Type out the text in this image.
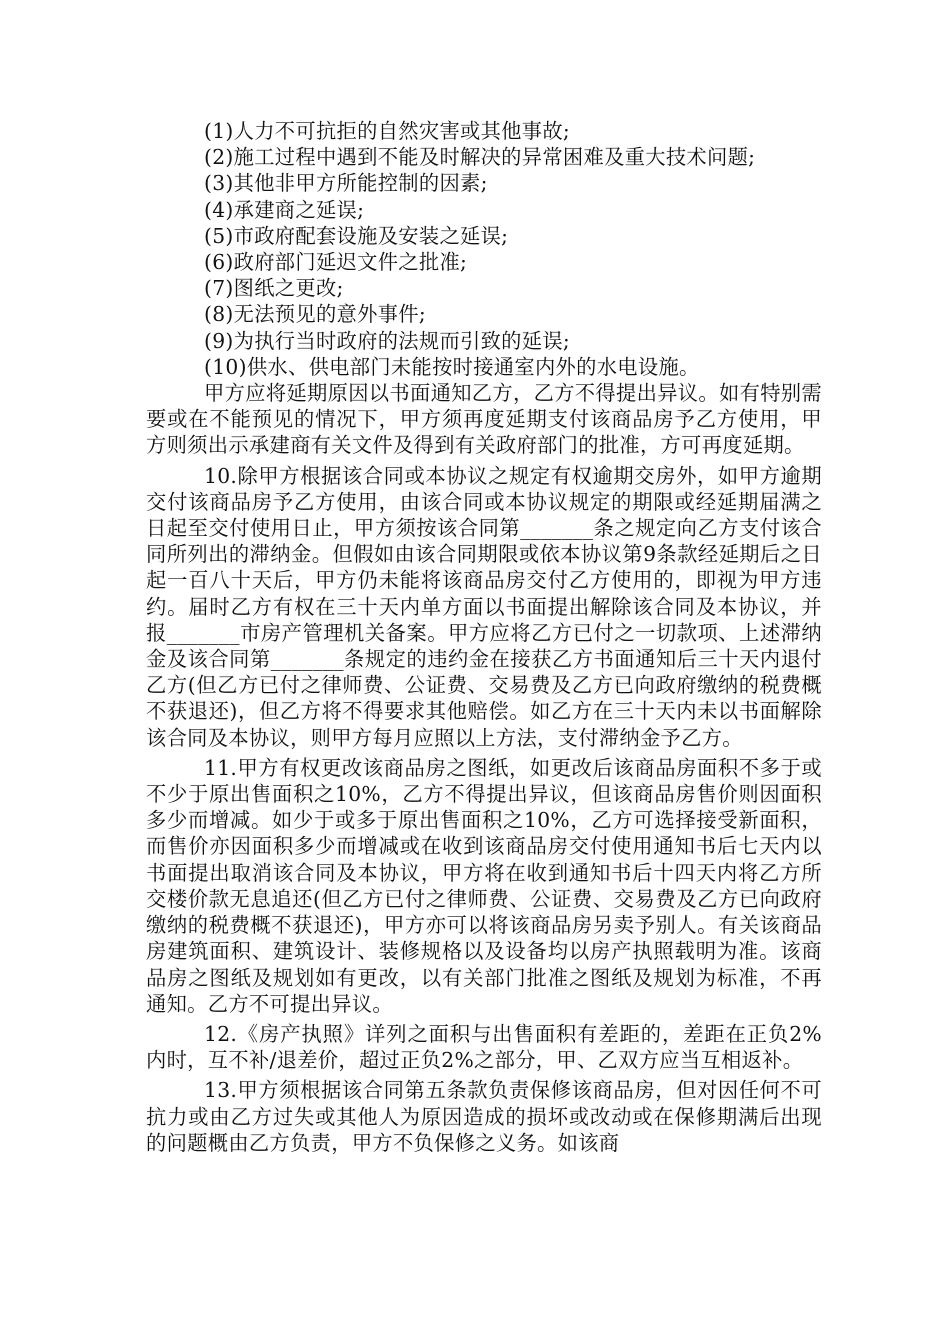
(1)人力不可抗拒的自然灾害或其他事故;

(2)施工过程中遇到不能及时解决的异常困难及重大技术问题;

(3)其他非甲方所能控制的因素;

(4)承建商之延误;

(5)市政府配套设施及安装之延误;

(6)政府部门延迟文件之批准;

(7)图纸之更改;

(8)无法预见的意外事件;

(9)为执行当时政府的法规而引致的延误;

(10)供水、供电部门未能按时接通室内外的水电设施。

甲方应将延期原因以书面通知乙方，乙方不得提出异议。如有特别需要或在不能预见的情况下，甲方须再度延期支付该商品房予乙方使用，甲方则须出示承建商有关文件及得到有关政府部门的批准，方可再度延期。

10.除甲方根据该合同或本协议之规定有权逾期交房外，如甲方逾期交付该商品房予乙方使用，由该合同或本协议规定的期限或经延期届满之日起至交付使用日止，甲方须按该合同第_______条之规定向乙方支付该合同所列出的滞纳金。但假如由该合同期限或依本协议第9条款经延期后之日起一百八十天后，甲方仍未能将该商品房交付乙方使用的，即视为甲方违约。届时乙方有权在三十天内单方面以书面提出解除该合同及本协议，并报_______市房产管理机关备案。甲方应将乙方已付之一切款项、上述滞纳金及该合同第_______条规定的违约金在接获乙方书面通知后三十天内退付乙方(但乙方已付之律师费、公证费、交易费及乙方已向政府缴纳的税费概不获退还)，但乙方将不得要求其他赔偿。如乙方在三十天内未以书面解除该合同及本协议，则甲方每月应照以上方法，支付滞纳金予乙方。

11.甲方有权更改该商品房之图纸，如更改后该商品房面积不多于或不少于原出售面积之10%，乙方不得提出异议，但该商品房售价则因面积多少而增减。如少于或多于原出售面积之10%，乙方可选择接受新面积，而售价亦因面积多少而增减或在收到该商品房交付使用通知书后七天内以书面提出取消该合同及本协议，甲方将在收到通知书后十四天内将乙方所交楼价款无息追还(但乙方已付之律师费、公证费、交易费及乙方已向政府缴纳的税费概不获退还)，甲方亦可以将该商品房另卖予别人。有关该商品房建筑面积、建筑设计、装修规格以及设备均以房产执照载明为准。该商品房之图纸及规划如有更改，以有关部门批准之图纸及规划为标准，不再通知。乙方不可提出异议。

12.《房产执照》详列之面积与出售面积有差距的，差距在正负2%内时，互不补/退差价，超过正负2%之部分，甲、乙双方应当互相返补。

13.甲方须根据该合同第五条款负责保修该商品房，但对因任何不可抗力或由乙方过失或其他人为原因造成的损坏或改动或在保修期满后出现的问题概由乙方负责，甲方不负保修之义务。如该商
